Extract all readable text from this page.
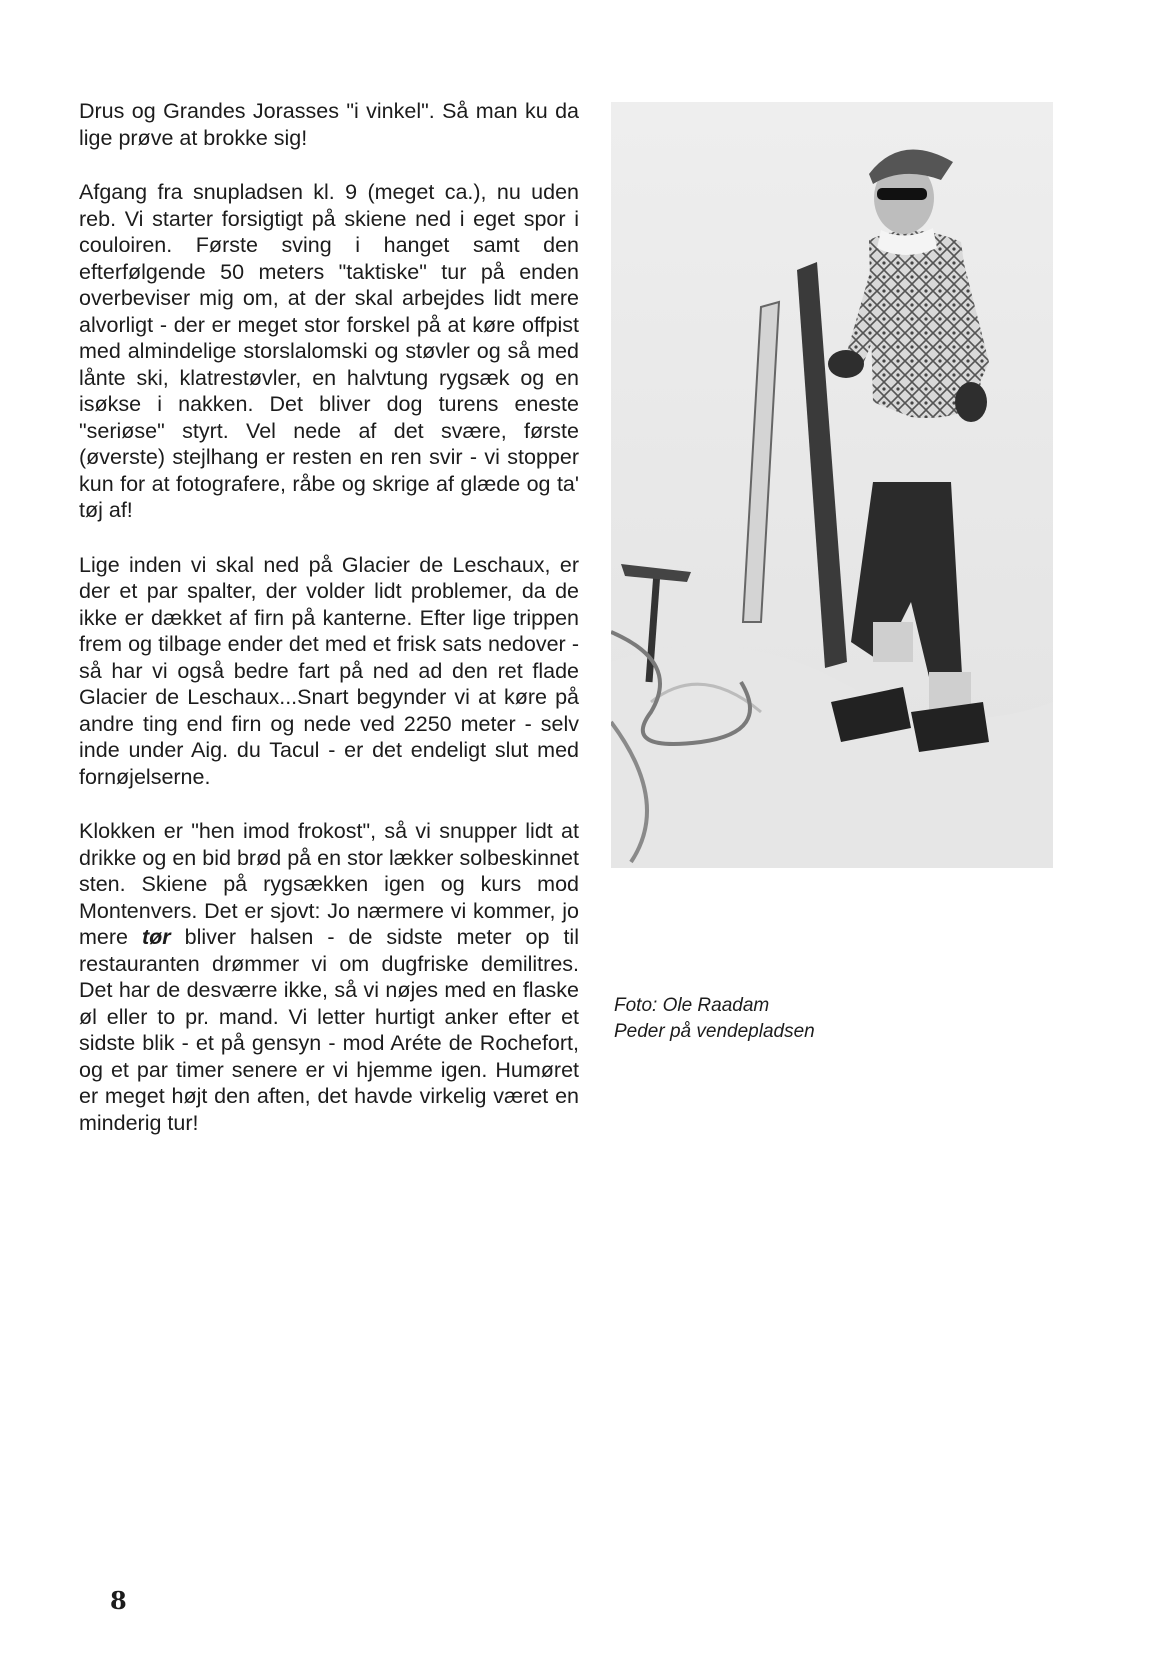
Drus og Grandes Jorasses "i vinkel". Så man ku da lige prøve at brokke sig!

Afgang fra snupladsen kl. 9 (meget ca.), nu uden reb. Vi starter forsigtigt på skiene ned i eget spor i couloiren. Første sving i hanget samt den efterfølgende 50 meters "taktiske" tur på enden overbeviser mig om, at der skal arbejdes lidt mere alvorligt - der er meget stor forskel på at køre offpist med almindelige storslalomski og støvler og så med lånte ski, klatrestøvler, en halvtung rygsæk og en isøkse i nakken. Det bliver dog turens eneste "seriøse" styrt. Vel nede af det svære, første (øverste) stejlhang er resten en ren svir - vi stopper kun for at fotografere, råbe og skrige af glæde og ta' tøj af!

Lige inden vi skal ned på Glacier de Leschaux, er der et par spalter, der volder lidt problemer, da de ikke er dækket af firn på kanterne. Efter lige trippen frem og tilbage ender det med et frisk sats nedover - så har vi også bedre fart på ned ad den ret flade Glacier de Leschaux...Snart begynder vi at køre på andre ting end firn og nede ved 2250 meter - selv inde under Aig. du Tacul - er det endeligt slut med fornøjelserne.

Klokken er "hen imod frokost", så vi snupper lidt at drikke og en bid brød på en stor lækker solbeskinnet sten. Skiene på rygsækken igen og kurs mod Montenvers. Det er sjovt: Jo nærmere vi kommer, jo mere tør bliver halsen - de sidste meter op til restauranten drømmer vi om dugfriske demilitres. Det har de desværre ikke, så vi nøjes med en flaske øl eller to pr. mand. Vi letter hurtigt anker efter et sidste blik - et på gensyn - mod Aréte de Rochefort, og et par timer senere er vi hjemme igen. Humøret er meget højt den aften, det havde virkelig været en minderig tur!

Foto: Ole Raadam
Peder på vendepladsen
8
